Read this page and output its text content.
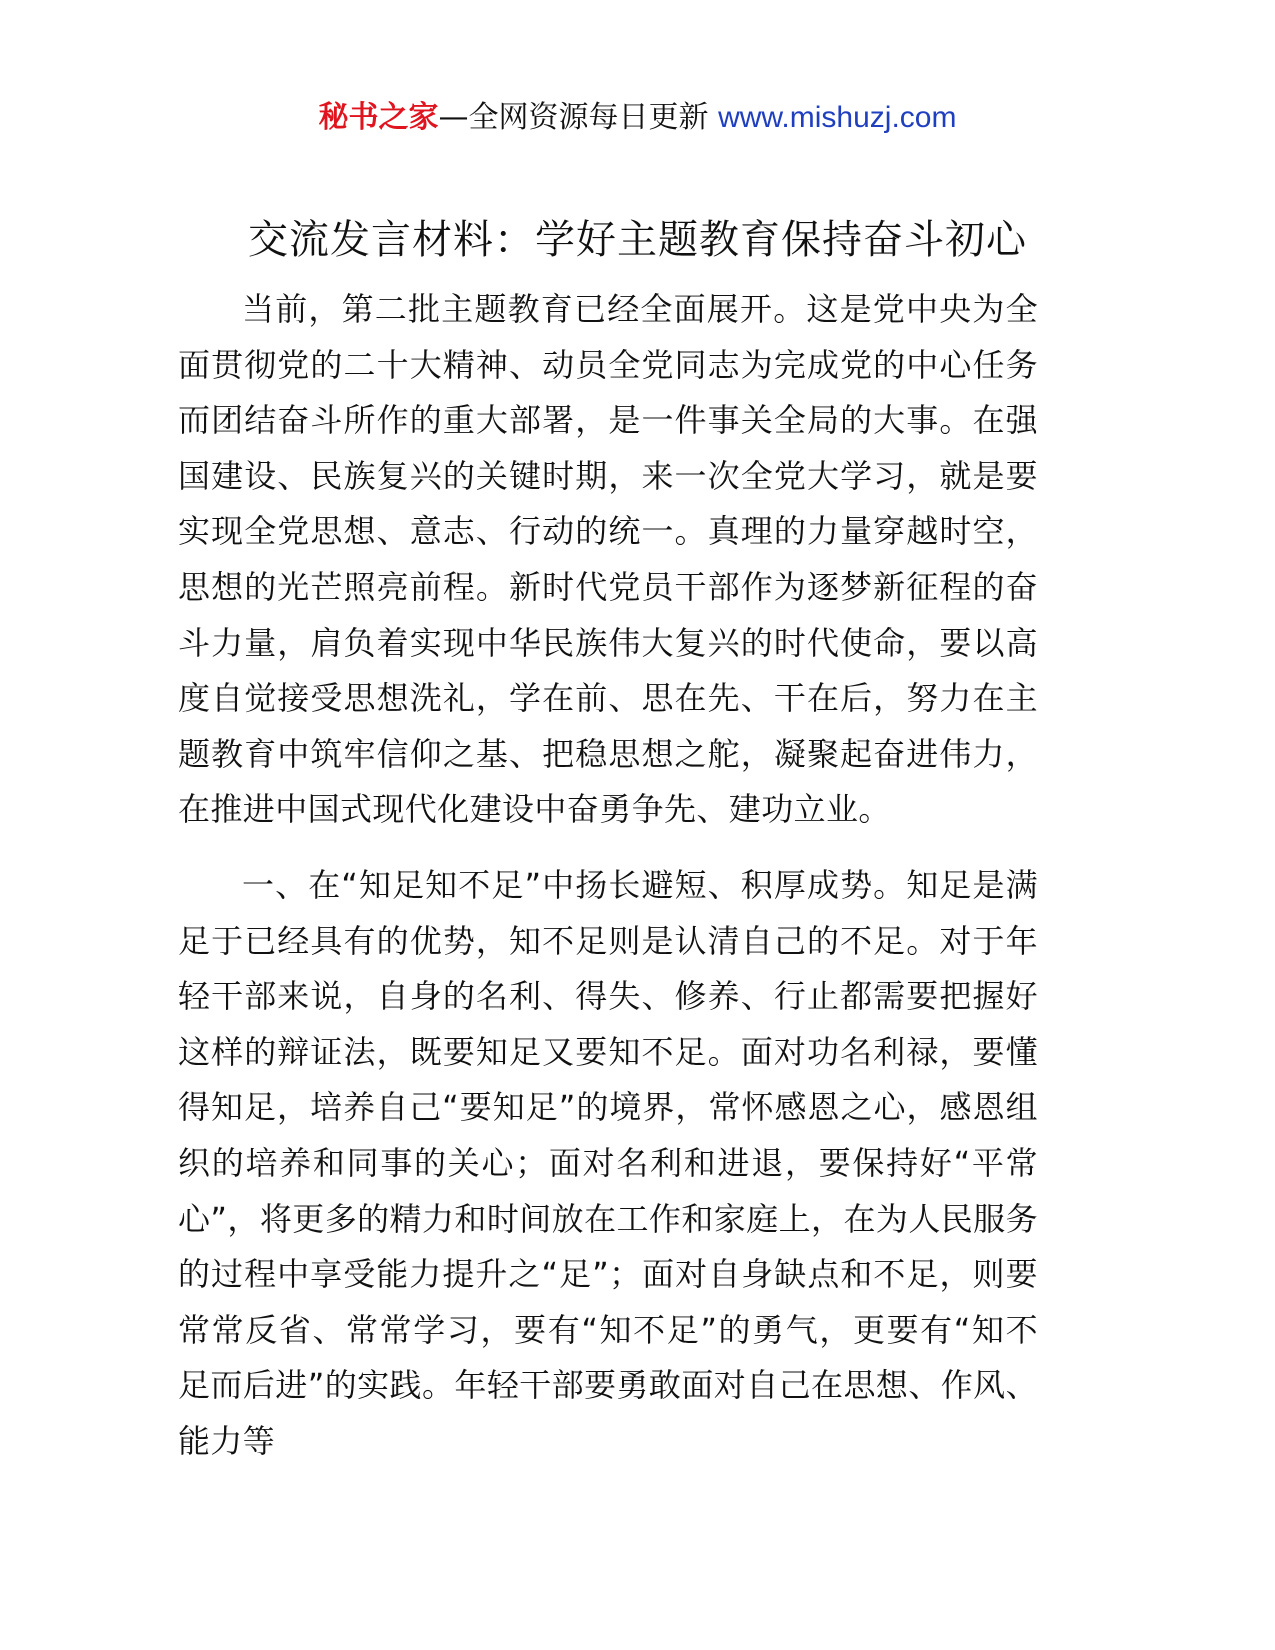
秘书之家—全网资源每日更新 www.mishuzj.com
交流发言材料：学好主题教育保持奋斗初心

当前，第二批主题教育已经全面展开。这是党中央为全面贯彻党的二十大精神、动员全党同志为完成党的中心任务而团结奋斗所作的重大部署，是一件事关全局的大事。在强国建设、民族复兴的关键时期，来一次全党大学习，就是要实现全党思想、意志、行动的统一。真理的力量穿越时空，思想的光芒照亮前程。新时代党员干部作为逐梦新征程的奋斗力量，肩负着实现中华民族伟大复兴的时代使命，要以高度自觉接受思想洗礼，学在前、思在先、干在后，努力在主题教育中筑牢信仰之基、把稳思想之舵，凝聚起奋进伟力，在推进中国式现代化建设中奋勇争先、建功立业。

一、在“知足知不足”中扬长避短、积厚成势。知足是满足于已经具有的优势，知不足则是认清自己的不足。对于年轻干部来说，自身的名利、得失、修养、行止都需要把握好这样的辩证法，既要知足又要知不足。面对功名利禄，要懂得知足，培养自己“要知足”的境界，常怀感恩之心，感恩组织的培养和同事的关心；面对名利和进退，要保持好“平常心”，将更多的精力和时间放在工作和家庭上，在为人民服务的过程中享受能力提升之“足”；面对自身缺点和不足，则要常常反省、常常学习，要有“知不足”的勇气，更要有“知不足而后进”的实践。年轻干部要勇敢面对自己在思想、作风、能力等
